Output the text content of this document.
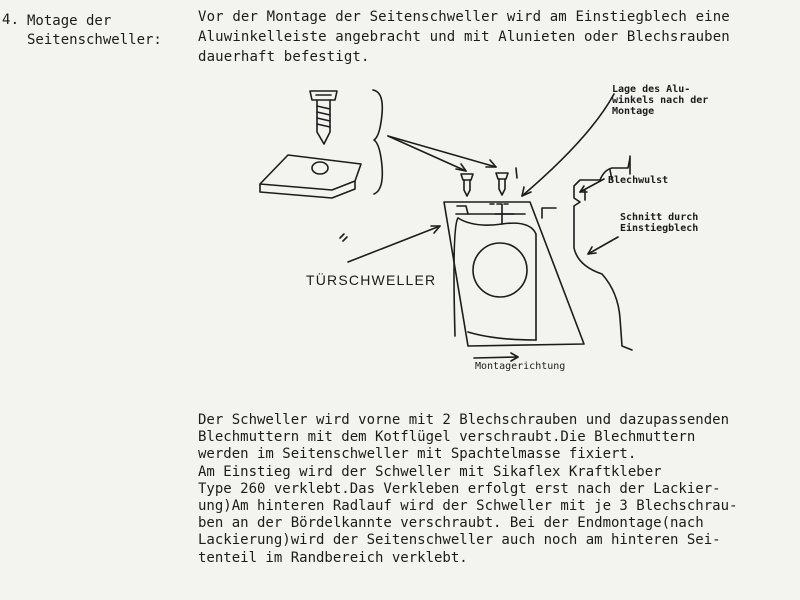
4. Motage der
Seitenschweller:
Vor der Montage der Seitenschweller wird am Einstiegblech eine
Aluwinkelleiste angebracht und mit Alunieten oder Blechsrauben
dauerhaft befestigt.
Lage des Alu-
winkels nach der
Montage
Blechwulst
Schnitt durch
Einstiegblech
TÜRSCHWELLER
Montagerichtung
Der Schweller wird vorne mit 2 Blechschrauben und dazupassenden
Blechmuttern mit dem Kotflügel verschraubt.Die Blechmuttern
werden im Seitenschweller mit Spachtelmasse fixiert.
Am Einstieg wird der Schweller mit Sikaflex Kraftkleber
Type 260 verklebt.Das Verkleben erfolgt erst nach der Lackier-
ung)Am hinteren Radlauf wird der Schweller mit je 3 Blechschrau-
ben an der Bördelkannte verschraubt. Bei der Endmontage(nach
Lackierung)wird der Seitenschweller auch noch am hinteren Sei-
tenteil im Randbereich verklebt.
